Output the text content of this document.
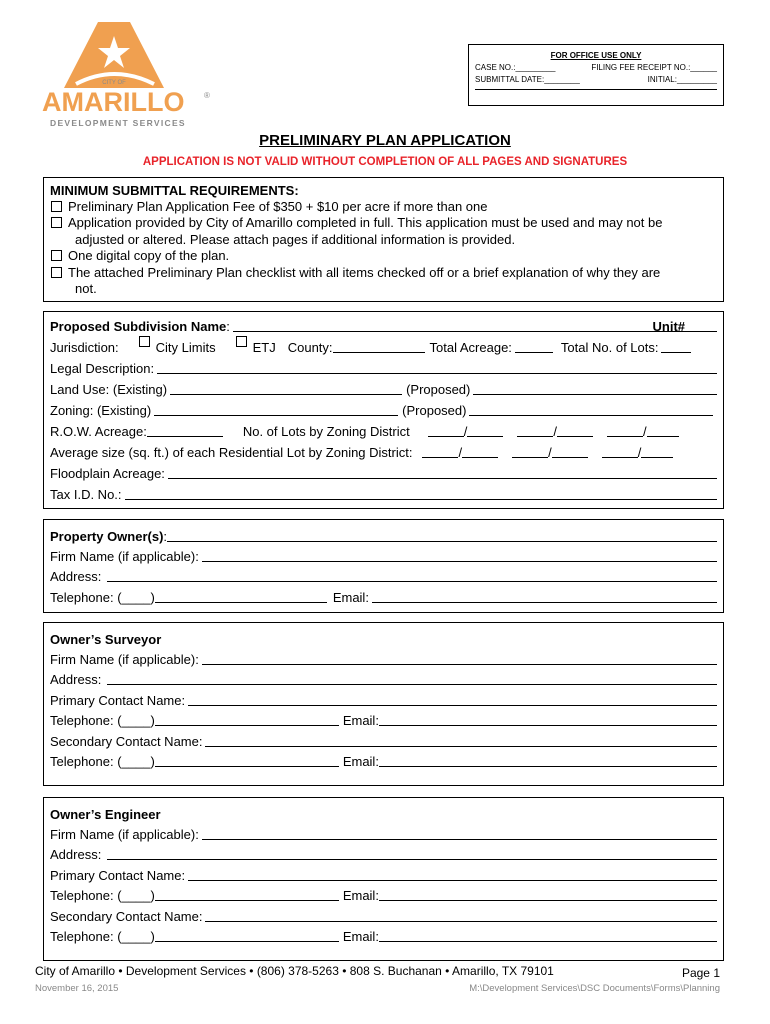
CITY OF
AMARILLO ®
DEVELOPMENT SERVICES
FOR OFFICE USE ONLY
CASE NO.:_________	FILING FEE RECEIPT NO.:______
SUBMITTAL DATE:________	INITIAL:_________
PRELIMINARY PLAN APPLICATION
APPLICATION IS NOT VALID WITHOUT COMPLETION OF ALL PAGES AND SIGNATURES
MINIMUM SUBMITTAL REQUIREMENTS:
Preliminary Plan Application Fee of $350 + $10 per acre if more than one
Application provided by City of Amarillo completed in full. This application must be used and may not be
adjusted or altered. Please attach pages if additional information is provided.
One digital copy of the plan.
The attached Preliminary Plan checklist with all items checked off or a brief explanation of why they are
not.
Proposed Subdivision Name :	Unit#
Jurisdiction:	City Limits	ETJ County:	Total Acreage:	Total No. of Lots:
Legal Description:
Land Use: (Existing)	(Proposed)
Zoning: (Existing)	(Proposed)
R.O.W. Acreage:	No. of Lots by Zoning District	/	/	/
Average size (sq. ft.) of each Residential Lot by Zoning District:	/	/	/
Floodplain Acreage:
Tax I.D. No.:
Property Owner(s) :
Firm Name (if applicable):
Address:
Telephone: (____)	Email:
Owner’s Surveyor
Firm Name (if applicable):
Address:
Primary Contact Name:
Telephone: (____)	Email:
Secondary Contact Name:
Telephone: (____)	Email:
Owner’s Engineer
Firm Name (if applicable):
Address:
Primary Contact Name:
Telephone: (____)	Email:
Secondary Contact Name:
Telephone: (____)	Email:
City of Amarillo • Development Services • (806) 378-5263 • 808 S. Buchanan • Amarillo, TX 79101	Page 1
November 16, 2015	M:\Development Services\DSC Documents\Forms\Planning
